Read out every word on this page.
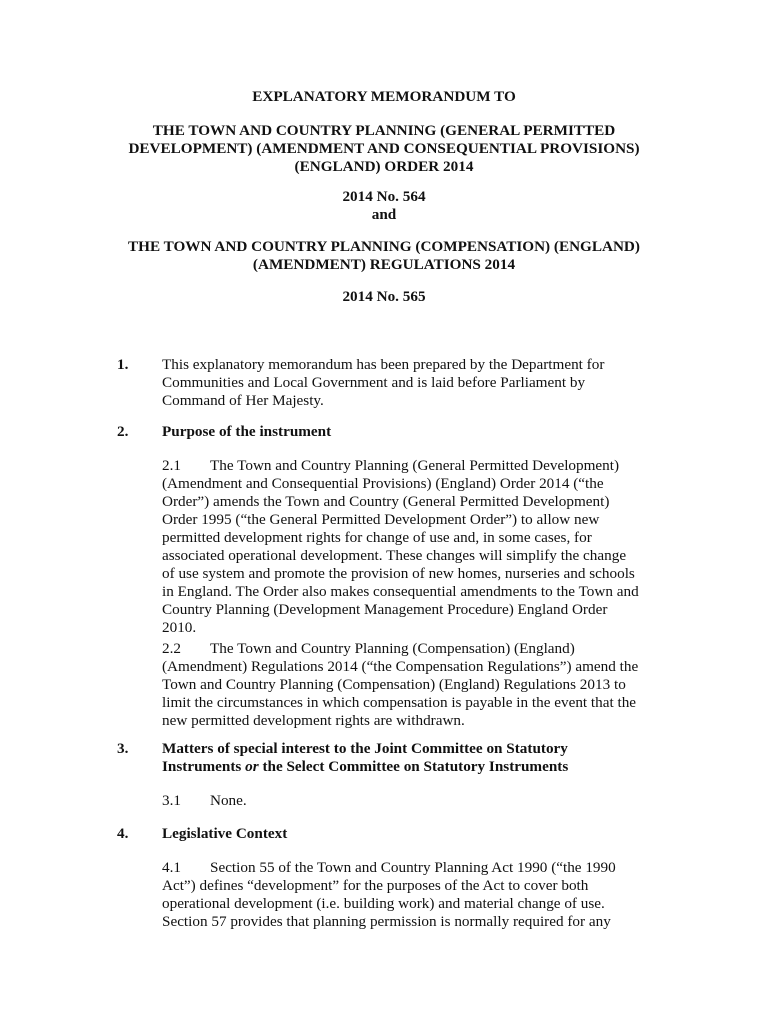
EXPLANATORY MEMORANDUM TO

THE TOWN AND COUNTRY PLANNING (GENERAL PERMITTED

DEVELOPMENT) (AMENDMENT AND CONSEQUENTIAL PROVISIONS)

(ENGLAND) ORDER 2014

2014 No. 564

and

THE TOWN AND COUNTRY PLANNING (COMPENSATION) (ENGLAND)

(AMENDMENT) REGULATIONS 2014

2014 No. 565

1. This explanatory memorandum has been prepared by the Department for
Communities and Local Government and is laid before Parliament by
Command of Her Majesty.
2. Purpose of the instrument
2.1 The Town and Country Planning (General Permitted Development)
(Amendment and Consequential Provisions) (England) Order 2014 (“the
Order”) amends the Town and Country (General Permitted Development)
Order 1995 (“the General Permitted Development Order”) to allow new
permitted development rights for change of use and, in some cases, for
associated operational development. These changes will simplify the change
of use system and promote the provision of new homes, nurseries and schools
in England. The Order also makes consequential amendments to the Town and
Country Planning (Development Management Procedure) England Order
2010.
2.2 The Town and Country Planning (Compensation) (England)
(Amendment) Regulations 2014 (“the Compensation Regulations”) amend the
Town and Country Planning (Compensation) (England) Regulations 2013 to
limit the circumstances in which compensation is payable in the event that the
new permitted development rights are withdrawn.
3. Matters of special interest to the Joint Committee on Statutory
Instruments or the Select Committee on Statutory Instruments
3.1 None.
4. Legislative Context
4.1 Section 55 of the Town and Country Planning Act 1990 (“the 1990
Act”) defines “development” for the purposes of the Act to cover both
operational development (i.e. building work) and material change of use.
Section 57 provides that planning permission is normally required for any
